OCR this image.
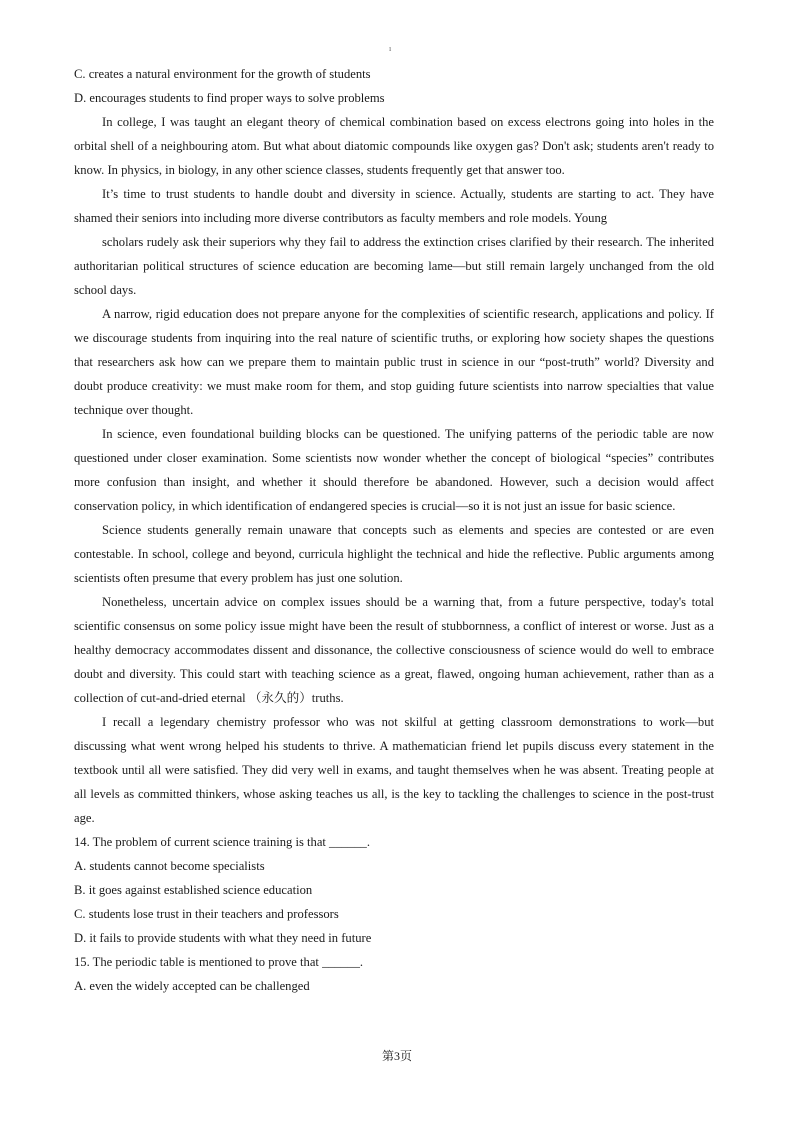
ı

C. creates a natural environment for the growth of students

D. encourages students to find proper ways to solve problems

In college, I was taught an elegant theory of chemical combination based on excess electrons going into holes in the orbital shell of a neighbouring atom. But what about diatomic compounds like oxygen gas? Don't ask; students aren't ready to know. In physics, in biology, in any other science classes, students frequently get that answer too.

It’s time to trust students to handle doubt and diversity in science. Actually, students are starting to act. They have shamed their seniors into including more diverse contributors as faculty members and role models. Young

scholars rudely ask their superiors why they fail to address the extinction crises clarified by their research. The inherited authoritarian political structures of science education are becoming lame—but still remain largely unchanged from the old school days.

A narrow, rigid education does not prepare anyone for the complexities of scientific research, applications and policy. If we discourage students from inquiring into the real nature of scientific truths, or exploring how society shapes the questions that researchers ask how can we prepare them to maintain public trust in science in our “post-truth” world? Diversity and doubt produce creativity: we must make room for them, and stop guiding future scientists into narrow specialties that value technique over thought.

In science, even foundational building blocks can be questioned. The unifying patterns of the periodic table are now questioned under closer examination. Some scientists now wonder whether the concept of biological “species” contributes more confusion than insight, and whether it should therefore be abandoned. However, such a decision would affect conservation policy, in which identification of endangered species is crucial—so it is not just an issue for basic science.

Science students generally remain unaware that concepts such as elements and species are contested or are even contestable. In school, college and beyond, curricula highlight the technical and hide the reflective. Public arguments among scientists often presume that every problem has just one solution.

Nonetheless, uncertain advice on complex issues should be a warning that, from a future perspective, today's total scientific consensus on some policy issue might have been the result of stubbornness, a conflict of interest or worse. Just as a healthy democracy accommodates dissent and dissonance, the collective consciousness of science would do well to embrace doubt and diversity. This could start with teaching science as a great, flawed, ongoing human achievement, rather than as a collection of cut-and-dried eternal （永久的）truths.

I recall a legendary chemistry professor who was not skilful at getting classroom demonstrations to work—but discussing what went wrong helped his students to thrive. A mathematician friend let pupils discuss every statement in the textbook until all were satisfied. They did very well in exams, and taught themselves when he was absent. Treating people at all levels as committed thinkers, whose asking teaches us all, is the key to tackling the challenges to science in the post-trust age.

14. The problem of current science training is that ______.

A. students cannot become specialists

B. it goes against established science education

C. students lose trust in their teachers and professors

D. it fails to provide students with what they need in future

15. The periodic table is mentioned to prove that ______.

A. even the widely accepted can be challenged

第3页
